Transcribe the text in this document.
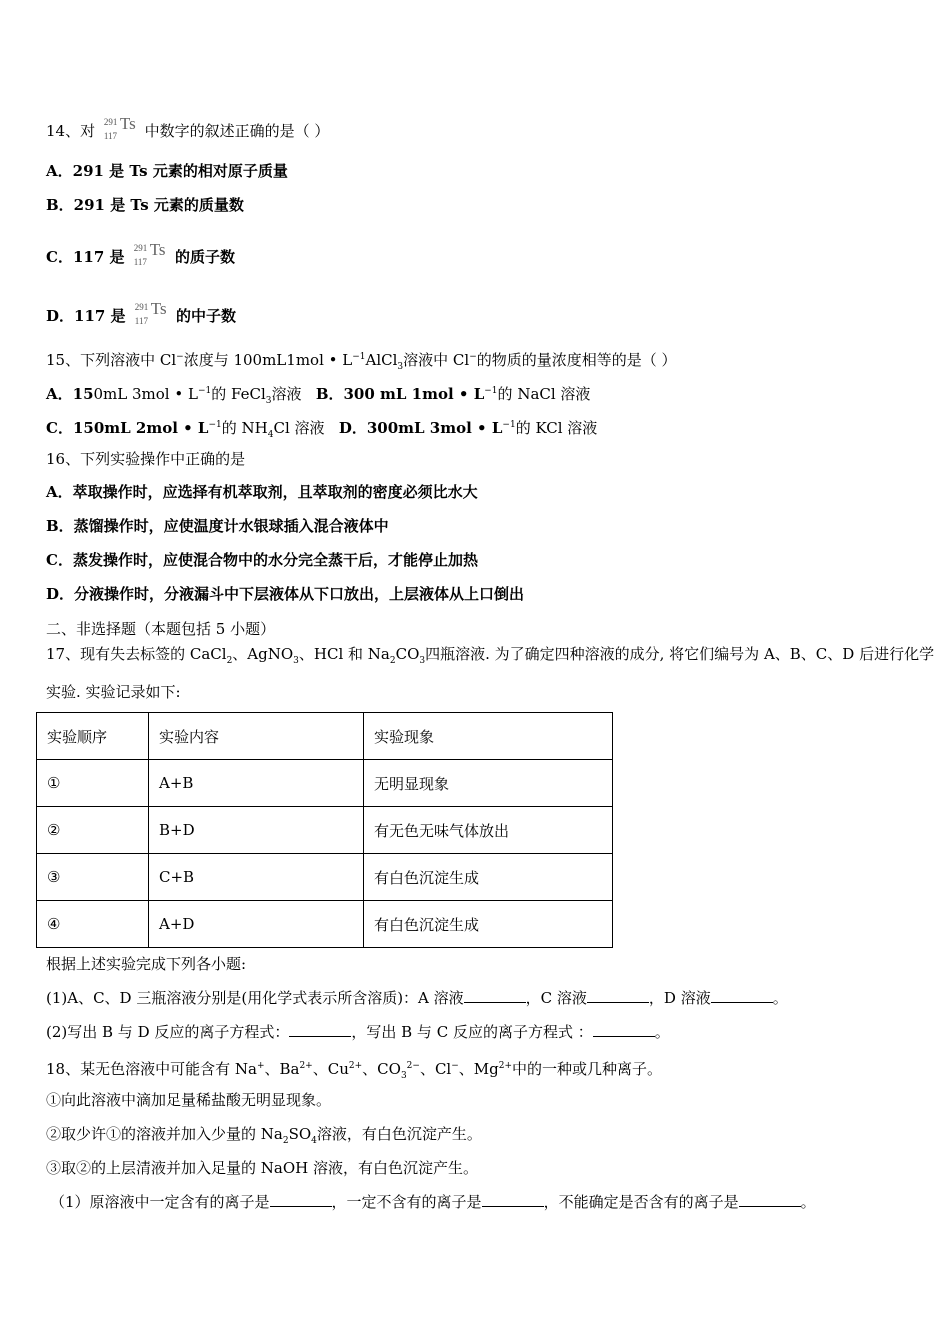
14、对 291
117
Ts 中数字的叙述正确的是（ ）
A．291 是 Ts 元素的相对原子质量
B．291 是 Ts 元素的质量数
C．117 是 291
117
Ts 的质子数
D．117 是 291
117
Ts 的中子数
15、下列溶液中 Cl−浓度与 100mL1mol • $L^{-1}AlCl_3$溶液中 Cl−的物质的量浓度相等的是（ ）
A．150mL 3mol • $L^{-1}$的 FeCl$_3$溶液 B．300 mL 1mol • $L^{-1}$的 NaCl 溶液
C．150mL 2mol • $L^{-1}$的 $NH_4Cl$ 溶液 D．300mL 3mol • $L^{-1}$的 KCl 溶液
16、下列实验操作中正确的是
A．萃取操作时，应选择有机萃取剂，且萃取剂的密度必须比水大
B．蒸馏操作时，应使温度计水银球插入混合液体中
C．蒸发操作时，应使混合物中的水分完全蒸干后，才能停止加热
D．分液操作时，分液漏斗中下层液体从下口放出，上层液体从上口倒出
二、非选择题（本题包括 5 小题）
17、现有失去标签的 CaCl$_2$、AgNO$_3$、HCl 和 $Na_2CO_3$四瓶溶液. 为了确定四种溶液的成分, 将它们编号为 A、B、C、D 后进行化学
实验. 实验记录如下:
实验顺序	实验内容	实验现象
①	A+B	无明显现象
②	B+D	有无色无味气体放出
③	C+B	有白色沉淀生成
④	A+D	有白色沉淀生成
根据上述实验完成下列各小题:
(1)A、C、D 三瓶溶液分别是(用化学式表示所含溶质)：A 溶液	，C 溶液	，D 溶液	。
(2)写出 B 与 D 反应的离子方程式：	，写出 B 与 C 反应的离子方程式 ：	。
18、某无色溶液中可能含有 Na+、$Ba^{2+}$、$Cu^{2+}$、$CO_3^{2-}$、Cl−、$Mg^{2+}$中的一种或几种离子。
①向此溶液中滴加足量稀盐酸无明显现象。
②取少许①的溶液并加入少量的 $Na_2SO_4$溶液，有白色沉淀产生。
③取②的上层清液并加入足量的 NaOH 溶液，有白色沉淀产生。
（1）原溶液中一定含有的离子是	，一定不含有的离子是	，不能确定是否含有的离子是	。
